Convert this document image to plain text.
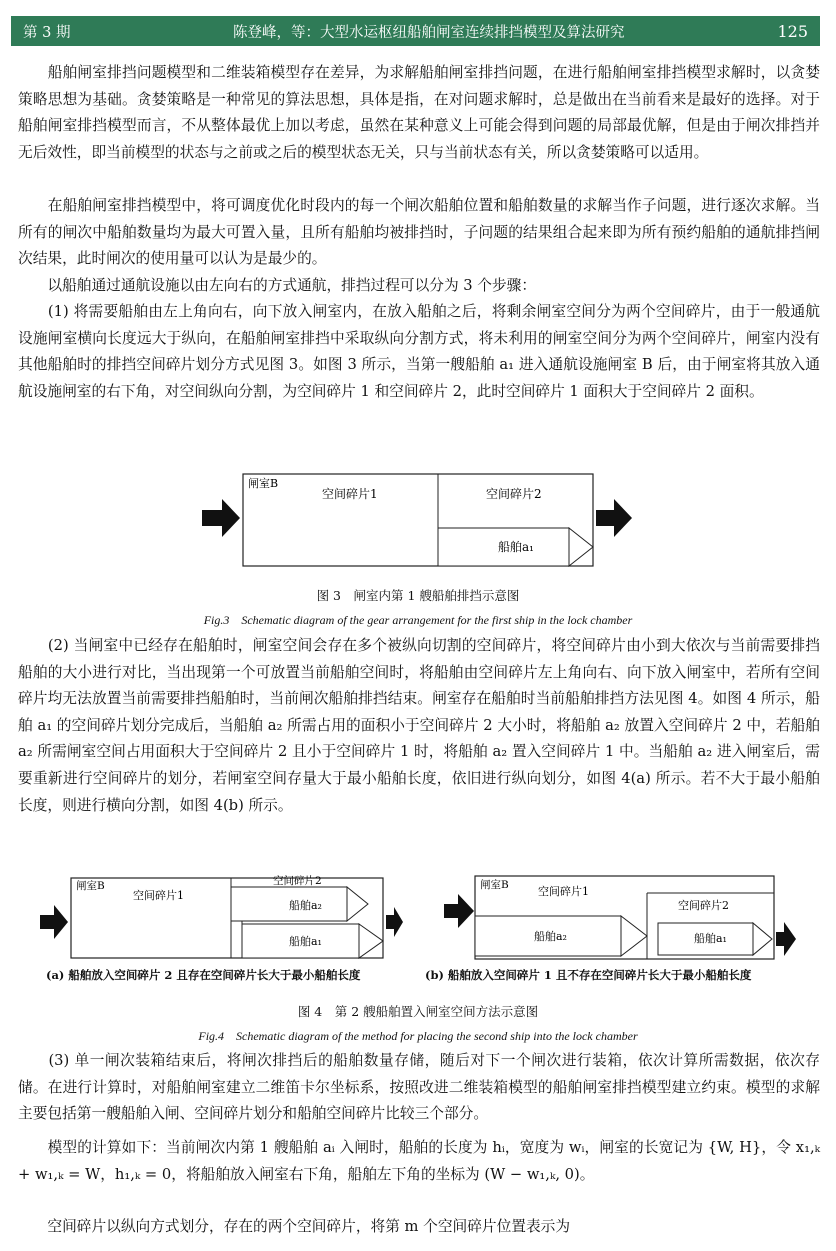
第 3 期	陈登峰，等：大型水运枢纽船舶闸室连续排挡模型及算法研究	125

　　船舶闸室排挡问题模型和二维装箱模型存在差异，为求解船舶闸室排挡问题，在进行船舶闸室排挡模型求解时，以贪婪策略思想为基础。贪婪策略是一种常见的算法思想，具体是指，在对问题求解时，总是做出在当前看来是最好的选择。对于船舶闸室排挡模型而言，不从整体最优上加以考虑，虽然在某种意义上可能会得到问题的局部最优解，但是由于闸次排挡并无后效性，即当前模型的状态与之前或之后的模型状态无关，只与当前状态有关，所以贪婪策略可以适用。

　　在船舶闸室排挡模型中，将可调度优化时段内的每一个闸次船舶位置和船舶数量的求解当作子问题，进行逐次求解。当所有的闸次中船舶数量均为最大可置入量，且所有船舶均被排挡时，子问题的结果组合起来即为所有预约船舶的通航排挡闸次结果，此时闸次的使用量可以认为是最少的。

　　以船舶通过通航设施以由左向右的方式通航，排挡过程可以分为 3 个步骤：

　　(1) 将需要船舶由左上角向右，向下放入闸室内，在放入船舶之后，将剩余闸室空间分为两个空间碎片，由于一般通航设施闸室横向长度远大于纵向，在船舶闸室排挡中采取纵向分割方式，将未利用的闸室空间分为两个空间碎片，闸室内没有其他船舶时的排挡空间碎片划分方式见图 3。如图 3 所示，当第一艘船舶 a₁ 进入通航设施闸室 B 后，由于闸室将其放入通航设施闸室的右下角，对空间纵向分割，为空间碎片 1 和空间碎片 2，此时空间碎片 1 面积大于空间碎片 2 面积。

闸室B
空间碎片1	空间碎片2
船舶a₁
图 3　闸室内第 1 艘船舶排挡示意图
Fig.3　Schematic diagram of the gear arrangement for the first ship in the lock chamber

　　(2) 当闸室中已经存在船舶时，闸室空间会存在多个被纵向切割的空间碎片，将空间碎片由小到大依次与当前需要排挡船舶的大小进行对比，当出现第一个可放置当前船舶空间时，将船舶由空间碎片左上角向右、向下放入闸室中，若所有空间碎片均无法放置当前需要排挡船舶时，当前闸次船舶排挡结束。闸室存在船舶时当前船舶排挡方法见图 4。如图 4 所示，船舶 a₁ 的空间碎片划分完成后，当船舶 a₂ 所需占用的面积小于空间碎片 2 大小时，将船舶 a₂ 放置入空间碎片 2 中，若船舶 a₂ 所需闸室空间占用面积大于空间碎片 2 且小于空间碎片 1 时，将船舶 a₂ 置入空间碎片 1 中。当船舶 a₂ 进入闸室后，需要重新进行空间碎片的划分，若闸室空间存量大于最小船舶长度，依旧进行纵向划分，如图 4(a) 所示。若不大于最小船舶长度，则进行横向分割，如图 4(b) 所示。

闸室B
空间碎片1
空间碎片2
船舶a₂
船舶a₁
(a) 船舶放入空间碎片 2 且存在空间碎片长大于最小船舶长度
闸室B	空间碎片1
空间碎片2
船舶a₂	船舶a₁
(b) 船舶放入空间碎片 1 且不存在空间碎片长大于最小船舶长度
图 4　第 2 艘船舶置入闸室空间方法示意图
Fig.4　Schematic diagram of the method for placing the second ship into the lock chamber

　　(3) 单一闸次装箱结束后，将闸次排挡后的船舶数量存储，随后对下一个闸次进行装箱，依次计算所需数据，依次存储。在进行计算时，对船舶闸室建立二维笛卡尔坐标系，按照改进二维装箱模型的船舶闸室排挡模型建立约束。模型的求解主要包括第一艘船舶入闸、空间碎片划分和船舶空间碎片比较三个部分。

　　模型的计算如下：当前闸次内第 1 艘船舶 aᵢ 入闸时，船舶的长度为 hᵢ，宽度为 wᵢ，闸室的长宽记为 {W, H}，令 x₁,ₖ + w₁,ₖ = W，h₁,ₖ = 0，将船舶放入闸室右下角，船舶左下角的坐标为 (W − w₁,ₖ, 0)。

　　空间碎片以纵向方式划分，存在的两个空间碎片，将第 m 个空间碎片位置表示为
